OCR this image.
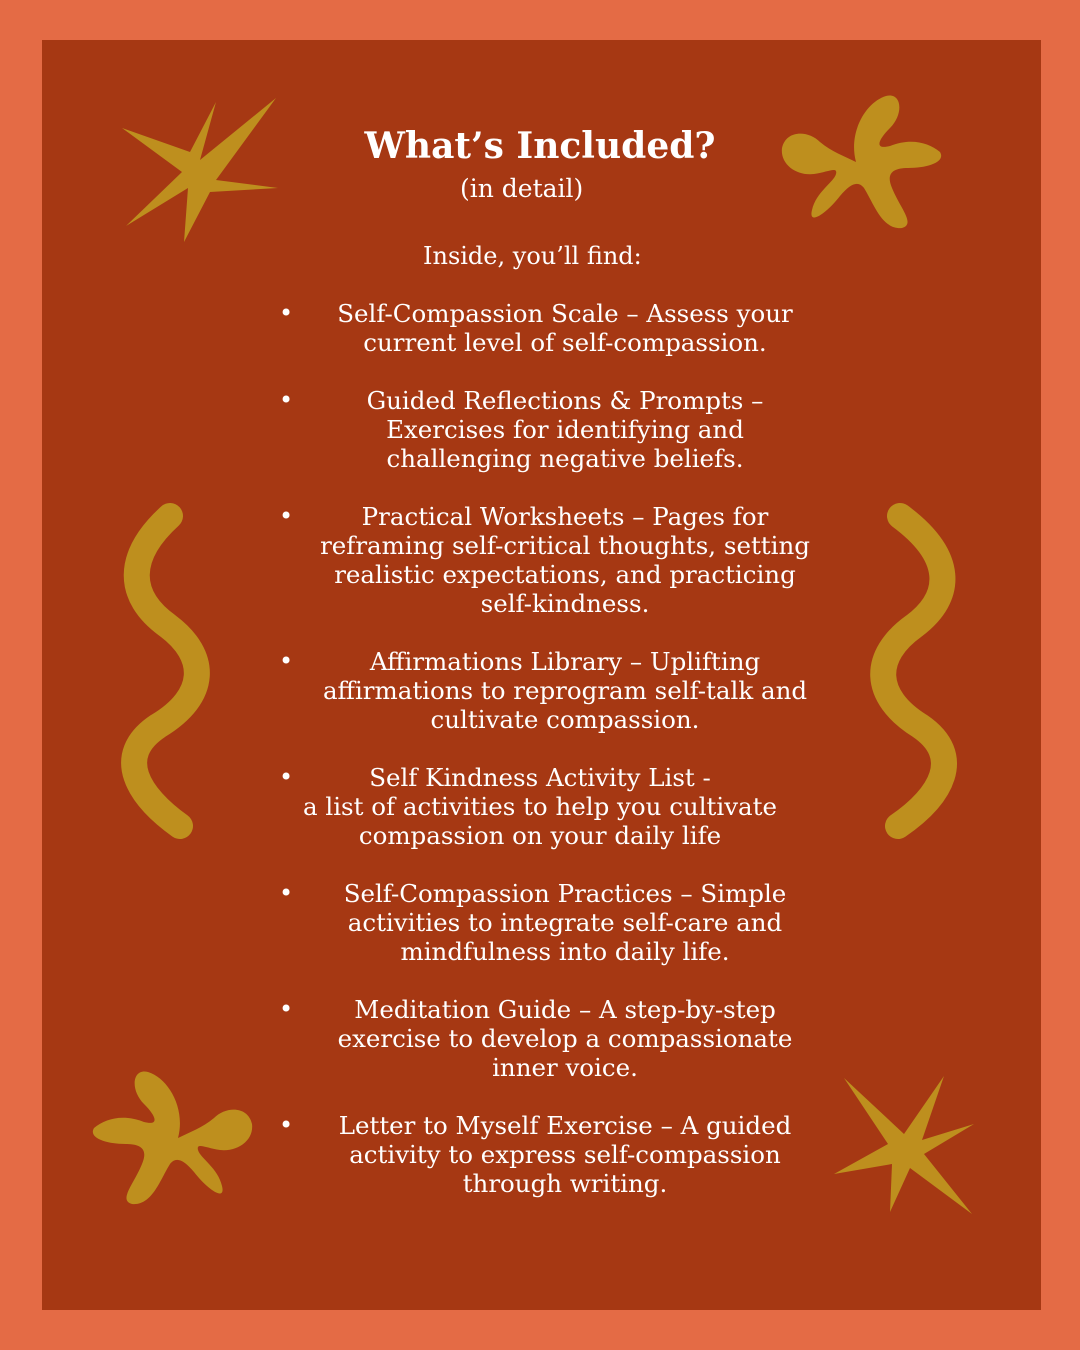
What’s Included?
(in detail)
Inside, you’ll find:
•	Self-Compassion Scale – Assess your
current level of self-compassion.
•	Guided Reflections & Prompts –
Exercises for identifying and
challenging negative beliefs.
•	Practical Worksheets – Pages for
reframing self-critical thoughts, setting
realistic expectations, and practicing
self-kindness.
•	Affirmations Library – Uplifting
affirmations to reprogram self-talk and
cultivate compassion.
•	Self Kindness Activity List -
a list of activities to help you cultivate
compassion on your daily life
•	Self-Compassion Practices – Simple
activities to integrate self-care and
mindfulness into daily life.
•	Meditation Guide – A step-by-step
exercise to develop a compassionate
inner voice.
•	Letter to Myself Exercise – A guided
activity to express self-compassion
through writing.
